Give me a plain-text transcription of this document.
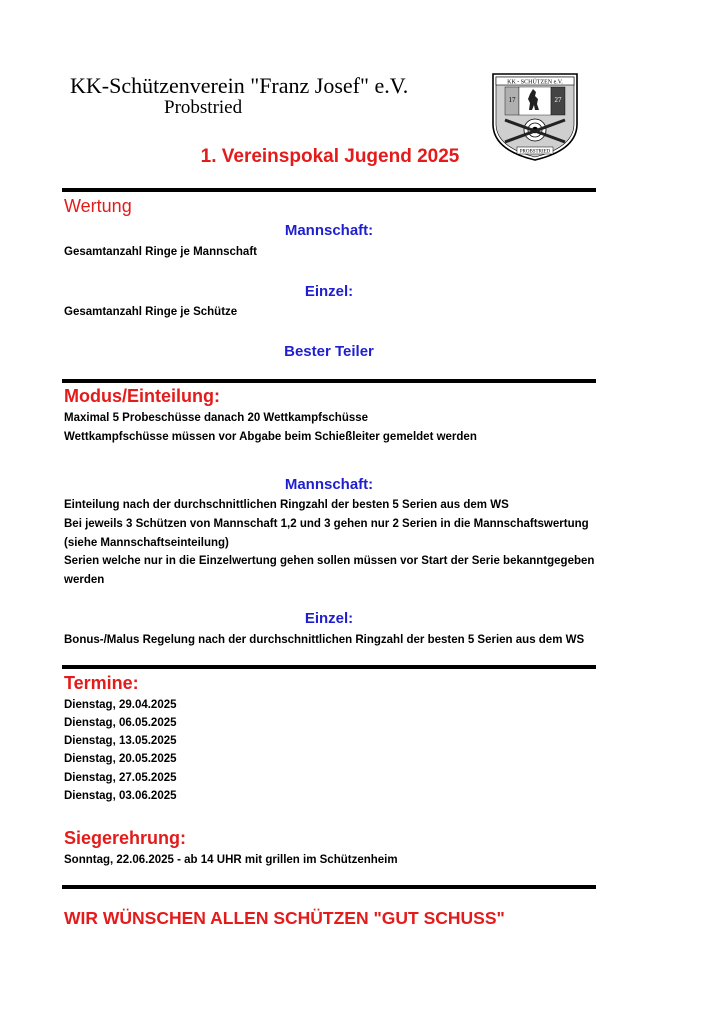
KK-Schützenverein "Franz Josef" e.V.
Probstried
KK - SCHÜTZEN e.V.
17	27
PROBSTRIED
1. Vereinspokal Jugend 2025
Wertung
Mannschaft:
Gesamtanzahl Ringe je Mannschaft
Einzel:
Gesamtanzahl Ringe je Schütze
Bester Teiler
Modus/Einteilung:
Maximal 5 Probeschüsse danach 20 Wettkampfschüsse
Wettkampfschüsse müssen vor Abgabe beim Schießleiter gemeldet werden
Mannschaft:
Einteilung nach der durchschnittlichen Ringzahl der besten 5 Serien aus dem WS
Bei jeweils 3 Schützen von Mannschaft 1,2 und 3 gehen nur 2 Serien in die Mannschaftswertung
(siehe Mannschaftseinteilung)
Serien welche nur in die Einzelwertung gehen sollen müssen vor Start der Serie bekanntgegeben
werden
Einzel:
Bonus-/Malus Regelung nach der durchschnittlichen Ringzahl der besten 5 Serien aus dem WS
Termine:
Dienstag, 29.04.2025
Dienstag, 06.05.2025
Dienstag, 13.05.2025
Dienstag, 20.05.2025
Dienstag, 27.05.2025
Dienstag, 03.06.2025
Siegerehrung:
Sonntag, 22.06.2025 - ab 14 UHR mit grillen im Schützenheim
WIR WÜNSCHEN ALLEN SCHÜTZEN "GUT SCHUSS"
